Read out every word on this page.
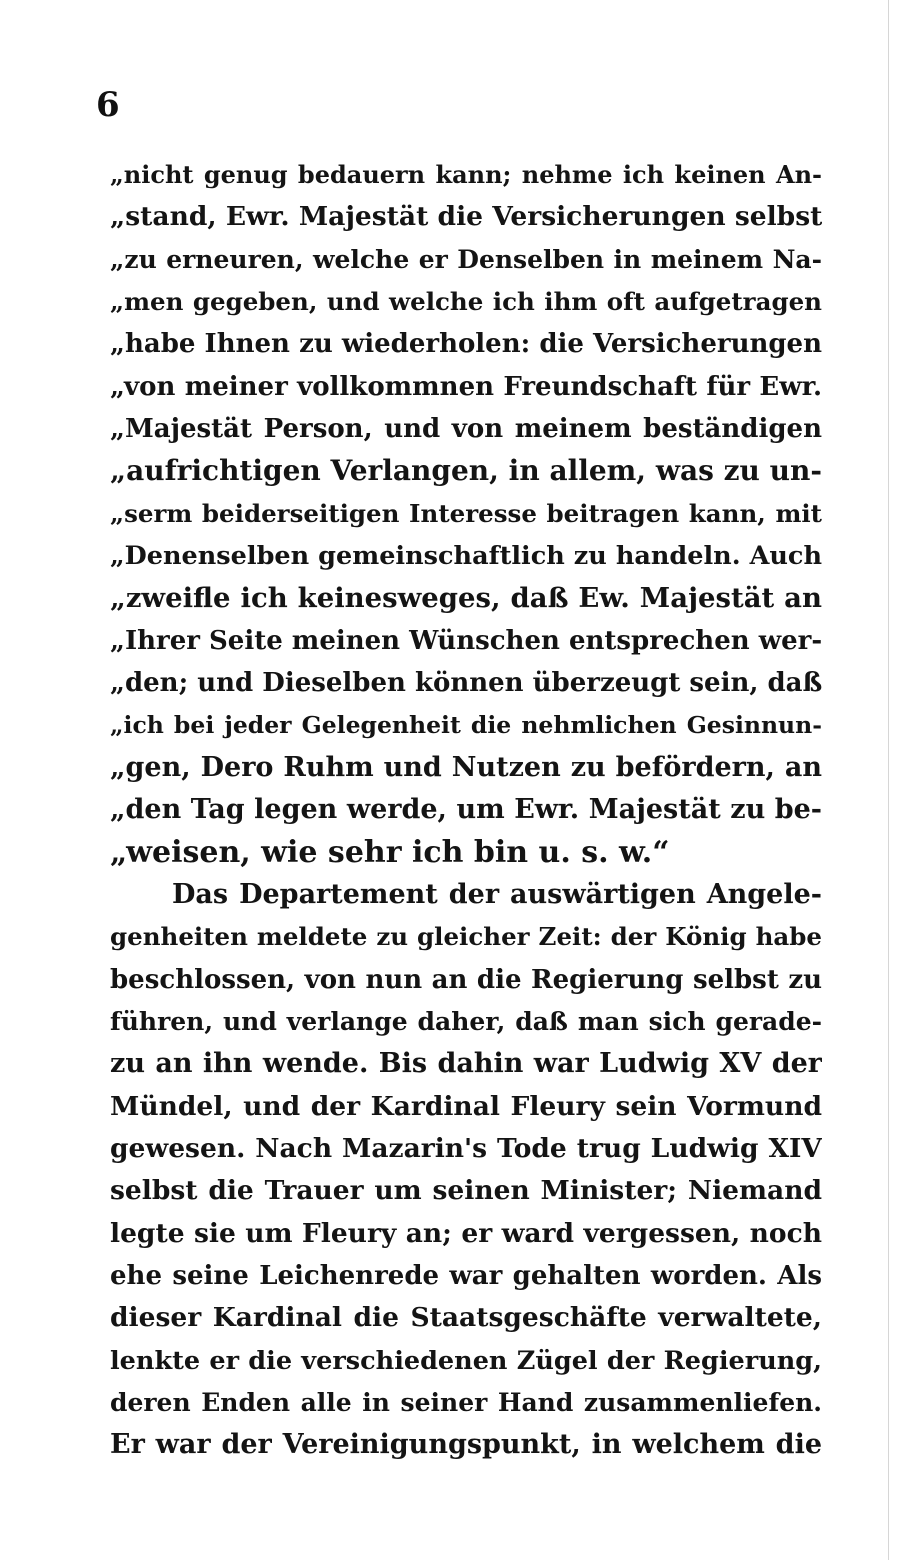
6
„nicht genug bedauern kann; nehme ich keinen An-
„stand, Ewr. Majestät die Versicherungen selbst
„zu erneuren, welche er Denselben in meinem Na-
„men gegeben, und welche ich ihm oft aufgetragen
„habe Ihnen zu wiederholen: die Versicherungen
„von meiner vollkommnen Freundschaft für Ewr.
„Majestät Person, und von meinem beständigen
„aufrichtigen Verlangen, in allem, was zu un-
„serm beiderseitigen Interesse beitragen kann, mit
„Denenselben gemeinschaftlich zu handeln. Auch
„zweifle ich keinesweges, daß Ew. Majestät an
„Ihrer Seite meinen Wünschen entsprechen wer-
„den; und Dieselben können überzeugt sein, daß
„ich bei jeder Gelegenheit die nehmlichen Gesinnun-
„gen, Dero Ruhm und Nutzen zu befördern, an
„den Tag legen werde, um Ewr. Majestät zu be-
„weisen, wie sehr ich bin u. s. w.“
Das Departement der auswärtigen Angele-
genheiten meldete zu gleicher Zeit: der König habe
beschlossen, von nun an die Regierung selbst zu
führen, und verlange daher, daß man sich gerade-
zu an ihn wende. Bis dahin war Ludwig XV der
Mündel, und der Kardinal Fleury sein Vormund
gewesen. Nach Mazarin's Tode trug Ludwig XIV
selbst die Trauer um seinen Minister; Niemand
legte sie um Fleury an; er ward vergessen, noch
ehe seine Leichenrede war gehalten worden. Als
dieser Kardinal die Staatsgeschäfte verwaltete,
lenkte er die verschiedenen Zügel der Regierung,
deren Enden alle in seiner Hand zusammenliefen.
Er war der Vereinigungspunkt, in welchem die
